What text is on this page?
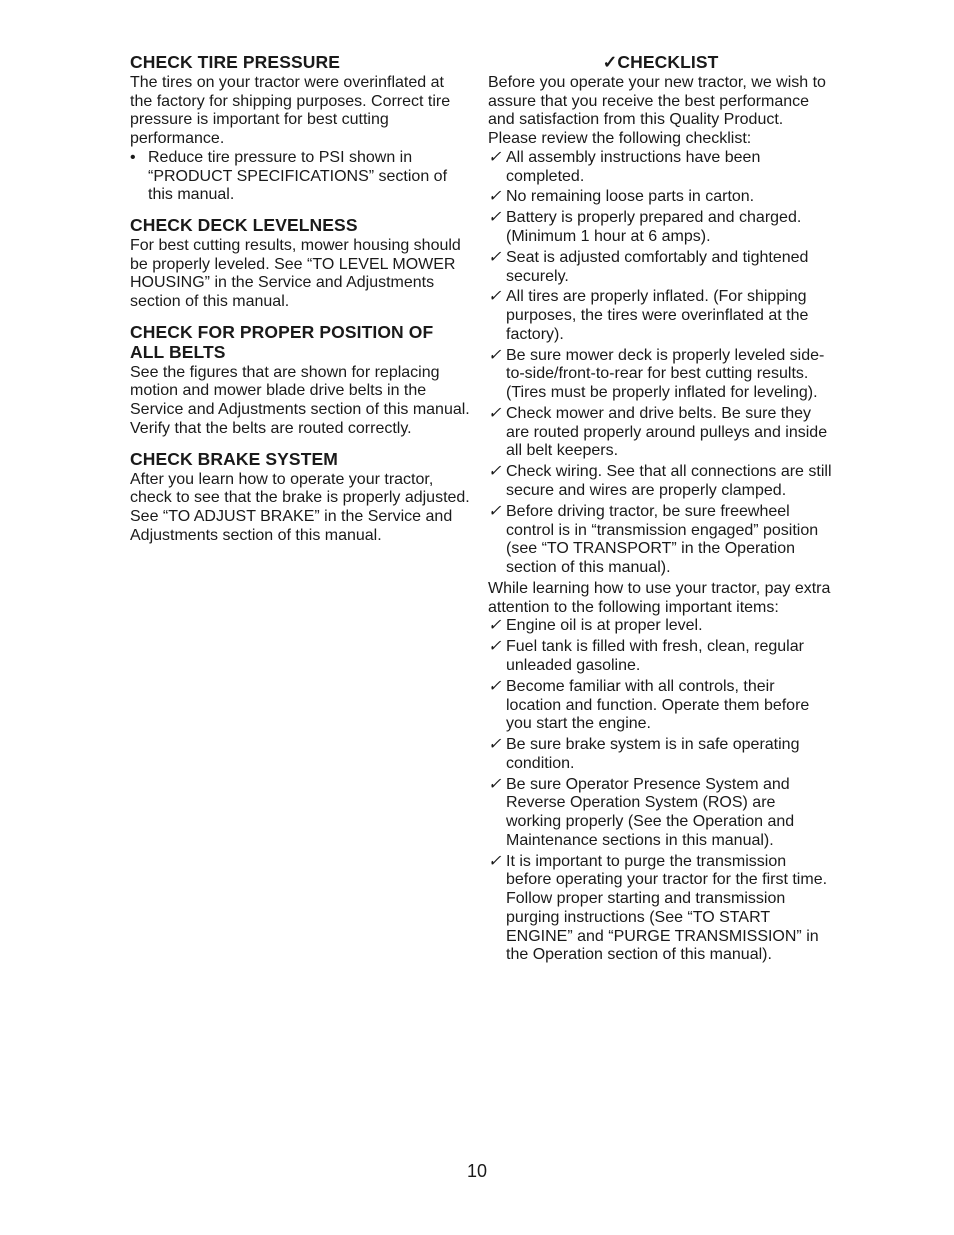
CHECK TIRE PRESSURE

The tires on your tractor were overinflated at the factory for shipping purposes. Correct tire pressure is important for best cutting performance.

• Reduce tire pressure to PSI shown in “PRODUCT SPECIFICATIONS” section of this manual.
CHECK DECK LEVELNESS

For best cutting results, mower housing should be properly leveled. See “TO LEVEL MOWER HOUSING” in the Service and Adjustments section of this manual.

CHECK FOR PROPER POSITION OF ALL BELTS

See the figures that are shown for replacing motion and mower blade drive belts in the Service and Adjustments section of this manual. Verify that the belts are routed correctly.

CHECK BRAKE SYSTEM

After you learn how to operate your tractor, check to see that the brake is properly adjusted. See “TO ADJUST BRAKE” in the Service and Adjustments section of this manual.

✓CHECKLIST

Before you operate your new tractor, we wish to assure that you receive the best performance and satisfaction from this Quality Product.

Please review the following checklist:

✓ All assembly instructions have been completed.
✓ No remaining loose parts in carton.
✓ Battery is properly prepared and charged. (Minimum 1 hour at 6 amps).
✓ Seat is adjusted comfortably and tightened securely.
✓ All tires are properly inflated. (For shipping purposes, the tires were overinflated at the factory).
✓ Be sure mower deck is properly leveled side-to-side/front-to-rear for best cutting results. (Tires must be properly inflated for leveling).
✓ Check mower and drive belts. Be sure they are routed properly around pulleys and inside all belt keepers.
✓ Check wiring. See that all connections are still secure and wires are properly clamped.
✓ Before driving tractor, be sure freewheel control is in “transmission engaged” position (see “TO TRANSPORT” in the Operation section of this manual).

While learning how to use your tractor, pay extra attention to the following important items:

✓ Engine oil is at proper level.
✓ Fuel tank is filled with fresh, clean, regular unleaded gasoline.
✓ Become familiar with all controls, their location and function. Operate them before you start the engine.
✓ Be sure brake system is in safe operating condition.
✓ Be sure Operator Presence System and Reverse Operation System (ROS) are working properly (See the Operation and Maintenance sections in this manual).
✓ It is important to purge the transmission before operating your tractor for the first time. Follow proper starting and transmission purging instructions (See “TO START ENGINE” and “PURGE TRANSMISSION” in the Operation section of this manual).
10
